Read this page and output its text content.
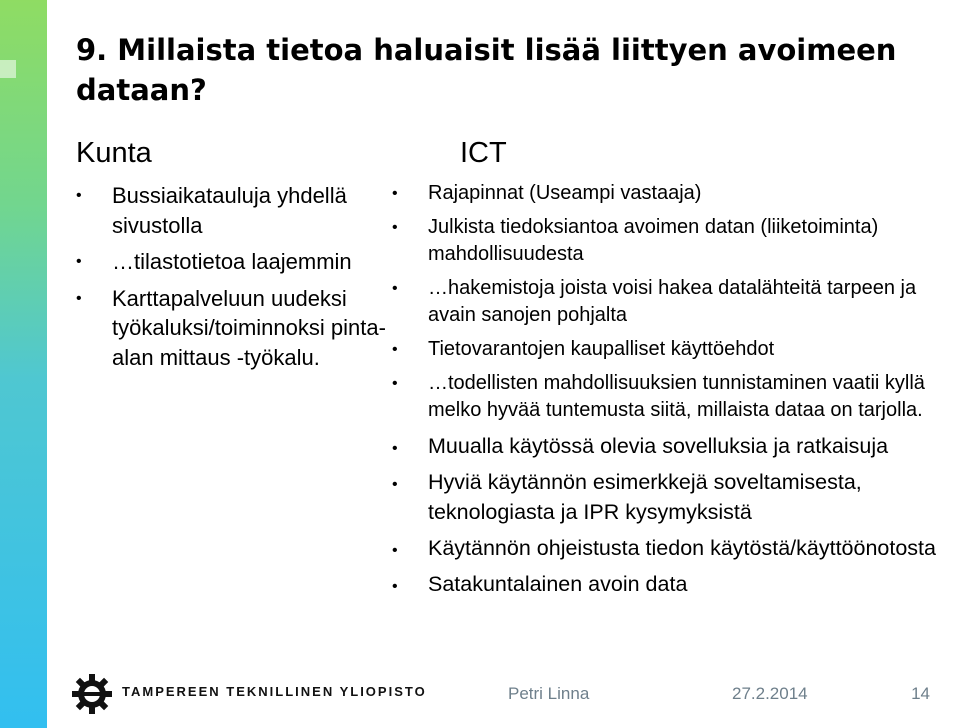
9. Millaista tietoa haluaisit lisää liittyen avoimeen dataan?
Kunta
• Bussiaikatauluja yhdellä sivustolla
• …tilastotietoa laajemmin
• Karttapalveluun uudeksi työkaluksi/toiminnoksi pinta-alan mittaus -työkalu.
ICT
• Rajapinnat (Useampi vastaaja)
• Julkista tiedoksiantoa avoimen datan (liiketoiminta) mahdollisuudesta
• …hakemistoja joista voisi hakea datalähteitä tarpeen ja avain sanojen pohjalta
• Tietovarantojen kaupalliset käyttöehdot
• …todellisten mahdollisuuksien tunnistaminen vaatii kyllä melko hyvää tuntemusta siitä, millaista dataa on tarjolla.
• Muualla käytössä olevia sovelluksia ja ratkaisuja
• Hyviä käytännön esimerkkejä soveltamisesta, teknologiasta ja IPR kysymyksistä
• Käytännön ohjeistusta tiedon käytöstä/käyttöönotosta
• Satakuntalainen avoin data
TAMPEREEN TEKNILLINEN YLIOPISTO	Petri Linna	27.2.2014	14
